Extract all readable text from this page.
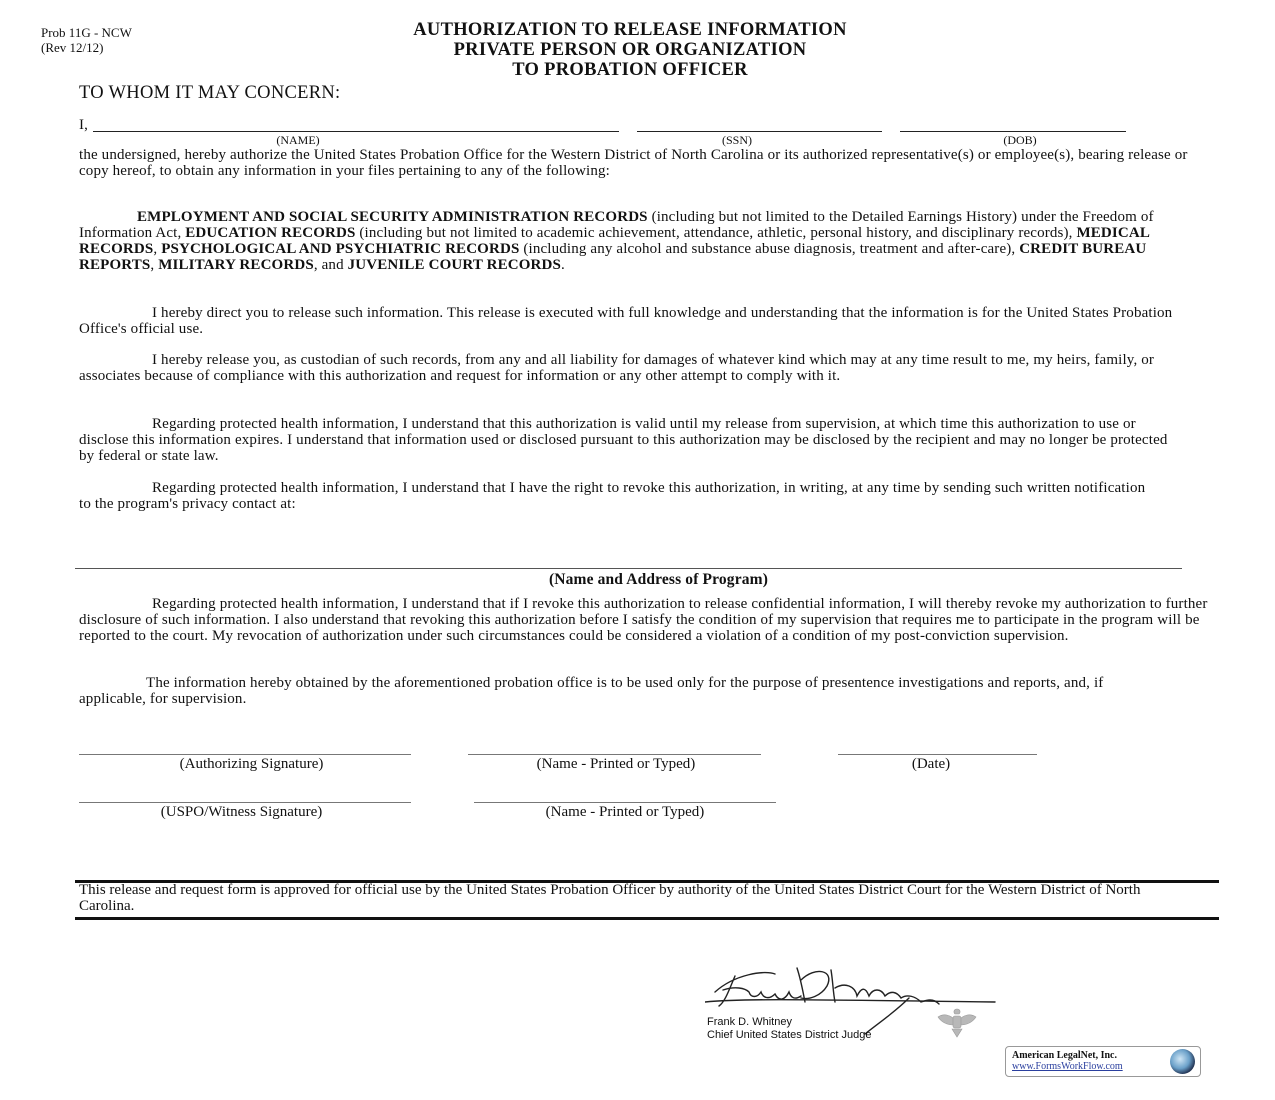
Prob 11G - NCW
(Rev 12/12)
AUTHORIZATION TO RELEASE INFORMATION
PRIVATE PERSON OR ORGANIZATION
TO PROBATION OFFICER
TO WHOM IT MAY CONCERN:
I,
(NAME)	(SSN)	(DOB)
the undersigned, hereby authorize the United States Probation Office for the Western District of North Carolina or its authorized representative(s) or employee(s), bearing release or copy hereof, to obtain any information in your files pertaining to any of the following:
EMPLOYMENT AND SOCIAL SECURITY ADMINISTRATION RECORDS (including but not limited to the Detailed Earnings History) under the Freedom of Information Act, EDUCATION RECORDS (including but not limited to academic achievement, attendance, athletic, personal history, and disciplinary records), MEDICAL RECORDS, PSYCHOLOGICAL AND PSYCHIATRIC RECORDS (including any alcohol and substance abuse diagnosis, treatment and after-care), CREDIT BUREAU REPORTS, MILITARY RECORDS, and JUVENILE COURT RECORDS.
I hereby direct you to release such information. This release is executed with full knowledge and understanding that the information is for the United States Probation Office's official use.
I hereby release you, as custodian of such records, from any and all liability for damages of whatever kind which may at any time result to me, my heirs, family, or associates because of compliance with this authorization and request for information or any other attempt to comply with it.
Regarding protected health information, I understand that this authorization is valid until my release from supervision, at which time this authorization to use or disclose this information expires. I understand that information used or disclosed pursuant to this authorization may be disclosed by the recipient and may no longer be protected by federal or state law.
Regarding protected health information, I understand that I have the right to revoke this authorization, in writing, at any time by sending such written notification to the program's privacy contact at:
(Name and Address of Program)
Regarding protected health information, I understand that if I revoke this authorization to release confidential information, I will thereby revoke my authorization to further disclosure of such information. I also understand that revoking this authorization before I satisfy the condition of my supervision that requires me to participate in the program will be reported to the court. My revocation of authorization under such circumstances could be considered a violation of a condition of my post-conviction supervision.
The information hereby obtained by the aforementioned probation office is to be used only for the purpose of presentence investigations and reports, and, if applicable, for supervision.
(Authorizing Signature)	(Name - Printed or Typed)	(Date)
(USPO/Witness Signature)	(Name - Printed or Typed)
This release and request form is approved for official use by the United States Probation Officer by authority of the United States District Court for the Western District of North Carolina.
Frank D. Whitney
Chief United States District Judge
American LegalNet, Inc.
www.FormsWorkFlow.com
